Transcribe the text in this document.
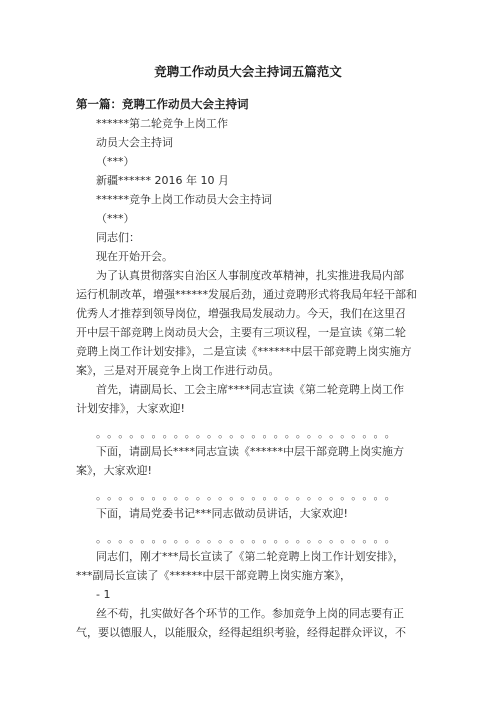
竞聘工作动员大会主持词五篇范文
第一篇：竞聘工作动员大会主持词
******第二轮竞争上岗工作
动员大会主持词
（***）
新疆****** 2016 年 10 月
******竞争上岗工作动员大会主持词
（***）
同志们：
现在开始开会。
为了认真贯彻落实自治区人事制度改革精神，扎实推进我局内部
运行机制改革，增强******发展后劲，通过竞聘形式将我局年轻干部和
优秀人才推荐到领导岗位，增强我局发展动力。今天，我们在这里召
开中层干部竞聘上岗动员大会，主要有三项议程，一是宣读《第二轮
竞聘上岗工作计划安排》，二是宣读《******中层干部竞聘上岗实施方
案》，三是对开展竞争上岗工作进行动员。
首先，请副局长、工会主席****同志宣读《第二轮竞聘上岗工作
计划安排》，大家欢迎!
。。。。。。。。。。。。。。。。。。。。。。。。。。。
下面，请副局长****同志宣读《******中层干部竞聘上岗实施方
案》，大家欢迎!
。。。。。。。。。。。。。。。。。。。。。。。。。。。
下面，请局党委书记***同志做动员讲话，大家欢迎!
。。。。。。。。。。。。。。。。。。。。。。。。。。。
同志们，刚才***局长宣读了《第二轮竞聘上岗工作计划安排》，
***副局长宣读了《******中层干部竞聘上岗实施方案》，
- 1
丝不苟，扎实做好各个环节的工作。参加竞争上岗的同志要有正
气，要以德服人，以能服众，经得起组织考验，经得起群众评议，不
